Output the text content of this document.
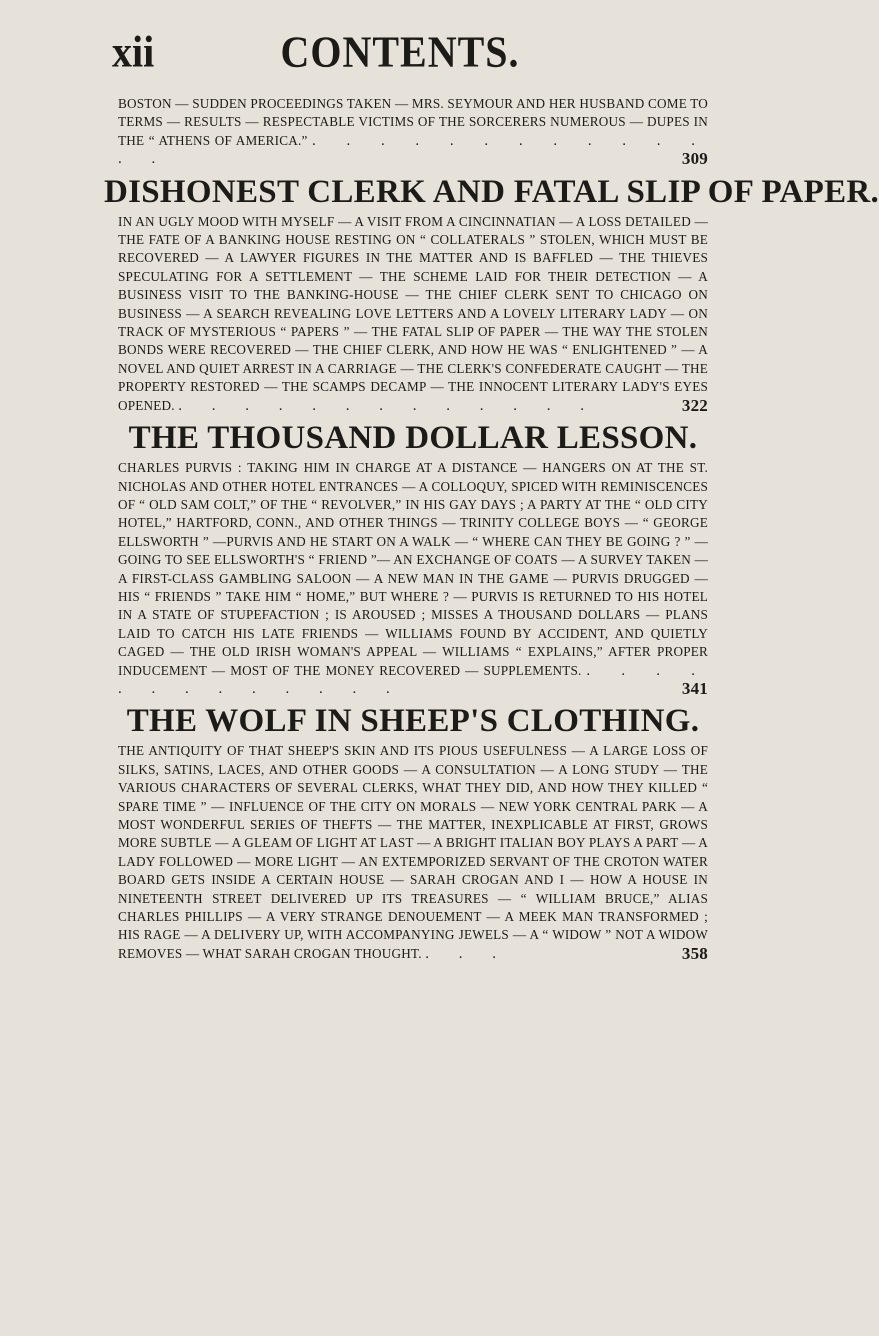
xii	CONTENTS.

BOSTON — SUDDEN PROCEEDINGS TAKEN — MRS. SEYMOUR AND HER HUSBAND COME TO TERMS — RESULTS — RESPECTABLE VICTIMS OF THE SORCERERS NUMEROUS — DUPES IN THE “ ATHENS OF AMERICA.” . . . . . . . . . . . . . .	309

DISHONEST CLERK AND FATAL SLIP OF PAPER.

IN AN UGLY MOOD WITH MYSELF — A VISIT FROM A CINCINNATIAN — A LOSS DETAILED — THE FATE OF A BANKING HOUSE RESTING ON “ COLLATERALS ” STOLEN, WHICH MUST BE RECOVERED — A LAWYER FIGURES IN THE MATTER AND IS BAFFLED — THE THIEVES SPECULATING FOR A SETTLEMENT — THE SCHEME LAID FOR THEIR DETECTION — A BUSINESS VISIT TO THE BANKING-HOUSE — THE CHIEF CLERK SENT TO CHICAGO ON BUSINESS — A SEARCH REVEALING LOVE LETTERS AND A LOVELY LITERARY LADY — ON TRACK OF MYSTERIOUS “ PAPERS ” — THE FATAL SLIP OF PAPER — THE WAY THE STOLEN BONDS WERE RECOVERED — THE CHIEF CLERK, AND HOW HE WAS “ ENLIGHTENED ” — A NOVEL AND QUIET ARREST IN A CARRIAGE — THE CLERK'S CONFEDERATE CAUGHT — THE PROPERTY RESTORED — THE SCAMPS DECAMP — THE INNOCENT LITERARY LADY'S EYES OPENED. . . . . . . . . . . . . .	322

THE THOUSAND DOLLAR LESSON.

CHARLES PURVIS : TAKING HIM IN CHARGE AT A DISTANCE — HANGERS ON AT THE ST. NICHOLAS AND OTHER HOTEL ENTRANCES — A COLLOQUY, SPICED WITH REMINISCENCES OF “ OLD SAM COLT,” OF THE “ REVOLVER,” IN HIS GAY DAYS ; A PARTY AT THE “ OLD CITY HOTEL,” HARTFORD, CONN., AND OTHER THINGS — TRINITY COLLEGE BOYS — “ GEORGE ELLSWORTH ” —PURVIS AND HE START ON A WALK — “ WHERE CAN THEY BE GOING ? ” — GOING TO SEE ELLSWORTH'S “ FRIEND ”— AN EXCHANGE OF COATS — A SURVEY TAKEN — A FIRST-CLASS GAMBLING SALOON — A NEW MAN IN THE GAME — PURVIS DRUGGED — HIS “ FRIENDS ” TAKE HIM “ HOME,” BUT WHERE ? — PURVIS IS RETURNED TO HIS HOTEL IN A STATE OF STUPEFACTION ; IS AROUSED ; MISSES A THOUSAND DOLLARS — PLANS LAID TO CATCH HIS LATE FRIENDS — WILLIAMS FOUND BY ACCIDENT, AND QUIETLY CAGED — THE OLD IRISH WOMAN'S APPEAL — WILLIAMS “ EXPLAINS,” AFTER PROPER INDUCEMENT — MOST OF THE MONEY RECOVERED — SUPPLEMENTS. . . . . . . . . . . . . .	341

THE WOLF IN SHEEP'S CLOTHING.

THE ANTIQUITY OF THAT SHEEP'S SKIN AND ITS PIOUS USEFULNESS — A LARGE LOSS OF SILKS, SATINS, LACES, AND OTHER GOODS — A CONSULTATION — A LONG STUDY — THE VARIOUS CHARACTERS OF SEVERAL CLERKS, WHAT THEY DID, AND HOW THEY KILLED “ SPARE TIME ” — INFLUENCE OF THE CITY ON MORALS — NEW YORK CENTRAL PARK — A MOST WONDERFUL SERIES OF THEFTS — THE MATTER, INEXPLICABLE AT FIRST, GROWS MORE SUBTLE — A GLEAM OF LIGHT AT LAST — A BRIGHT ITALIAN BOY PLAYS A PART — A LADY FOLLOWED — MORE LIGHT — AN EXTEMPORIZED SERVANT OF THE CROTON WATER BOARD GETS INSIDE A CERTAIN HOUSE — SARAH CROGAN AND I — HOW A HOUSE IN NINETEENTH STREET DELIVERED UP ITS TREASURES — “ WILLIAM BRUCE,” ALIAS CHARLES PHILLIPS — A VERY STRANGE DENOUEMENT — A MEEK MAN TRANSFORMED ; HIS RAGE — A DELIVERY UP, WITH ACCOMPANYING JEWELS — A “ WIDOW ” NOT A WIDOW REMOVES — WHAT SARAH CROGAN THOUGHT. . . .	358
